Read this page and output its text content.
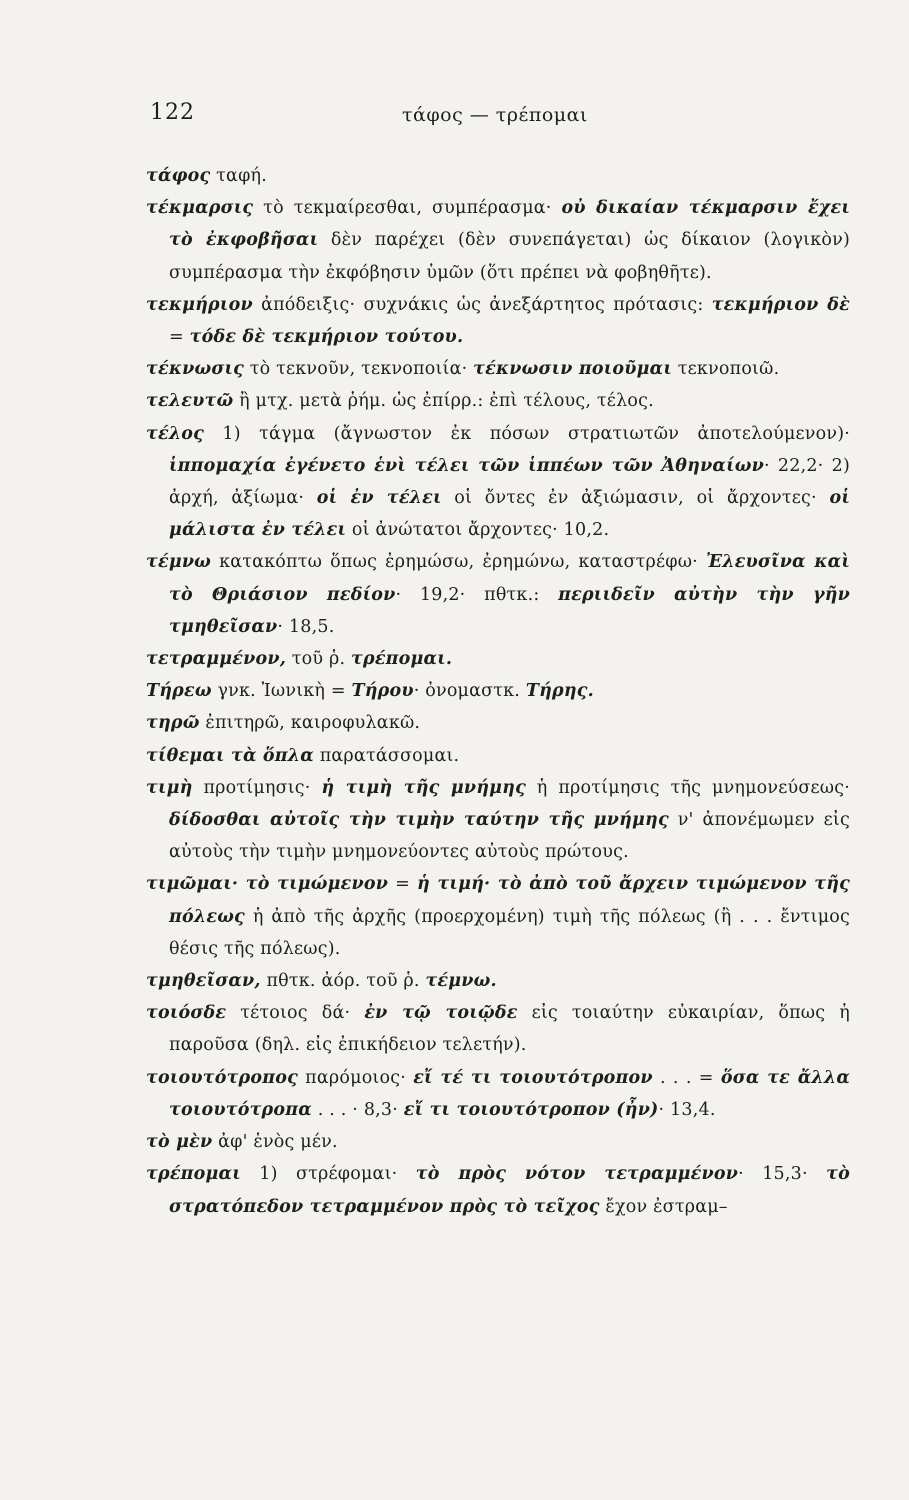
122	τάφος — τρέπομαι

τάφος ταφή.

τέκμαρσις τὸ τεκμαίρεσθαι, συμπέρασμα· οὐ δικαίαν τέκμαρσιν ἔχει τὸ ἐκφοβῆσαι δὲν παρέχει (δὲν συνεπάγεται) ὡς δίκαιον (λογικὸν) συμπέρασμα τὴν ἐκφόβησιν ὑμῶν (ὅτι πρέπει νὰ φοβηθῆτε).

τεκμήριον ἀπόδειξις· συχνάκις ὡς ἀνεξάρτητος πρότασις: τεκμήριον δὲ = τόδε δὲ τεκμήριον τούτου.

τέκνωσις τὸ τεκνοῦν, τεκνοποιία· τέκνωσιν ποιοῦμαι τεκνοποιῶ.

τελευτῶ ἢ μτχ. μετὰ ῥήμ. ὡς ἐπίρρ.: ἐπὶ τέλους, τέλος.

τέλος 1) τάγμα (ἄγνωστον ἐκ πόσων στρατιωτῶν ἀποτελούμενον)· ἱππομαχία ἐγένετο ἑνὶ τέλει τῶν ἱππέων τῶν Ἀθηναίων· 22,2· 2) ἀρχή, ἀξίωμα· οἱ ἐν τέλει οἱ ὄντες ἐν ἀξιώμασιν, οἱ ἄρχοντες· οἱ μάλιστα ἐν τέλει οἱ ἀνώτατοι ἄρχοντες· 10,2.

τέμνω κατακόπτω ὅπως ἐρημώσω, ἐρημώνω, καταστρέφω· Ἐλευσῖνα καὶ τὸ Θριάσιον πεδίον· 19,2· πθτκ.: περιιδεῖν αὐτὴν τὴν γῆν τμηθεῖσαν· 18,5.

τετραμμένον, τοῦ ῥ. τρέπομαι.

Τήρεω γνκ. Ἰωνικὴ = Τήρου· ὀνομαστκ. Τήρης.

τηρῶ ἐπιτηρῶ, καιροφυλακῶ.

τίθεμαι τὰ ὅπλα παρατάσσομαι.

τιμὴ προτίμησις· ἡ τιμὴ τῆς μνήμης ἡ προτίμησις τῆς μνημονεύσεως· δίδοσθαι αὐτοῖς τὴν τιμὴν ταύτην τῆς μνήμης ν' ἀπονέμωμεν εἰς αὐτοὺς τὴν τιμὴν μνημονεύοντες αὐτοὺς πρώτους.

τιμῶμαι· τὸ τιμώμενον = ἡ τιμή· τὸ ἀπὸ τοῦ ἄρχειν τιμώμενον τῆς πόλεως ἡ ἀπὸ τῆς ἀρχῆς (προερχομένη) τιμὴ τῆς πόλεως (ἢ . . . ἔντιμος θέσις τῆς πόλεως).

τμηθεῖσαν, πθτκ. ἀόρ. τοῦ ῥ. τέμνω.

τοιόσδε τέτοιος δά· ἐν τῷ τοιῷδε εἰς τοιαύτην εὐκαιρίαν, ὅπως ἡ παροῦσα (δηλ. εἰς ἐπικήδειον τελετήν).

τοιουτότροπος παρόμοιος· εἴ τέ τι τοιουτότροπον . . . = ὅσα τε ἄλλα τοιουτότροπα . . . · 8,3· εἴ τι τοιουτότροπον (ἦν)· 13,4.

τὸ μὲν ἀφ' ἑνὸς μέν.

τρέπομαι 1) στρέφομαι· τὸ πρὸς νότον τετραμμένον· 15,3· τὸ στρατόπεδον τετραμμένον πρὸς τὸ τεῖχος ἔχον ἐστραμ–
